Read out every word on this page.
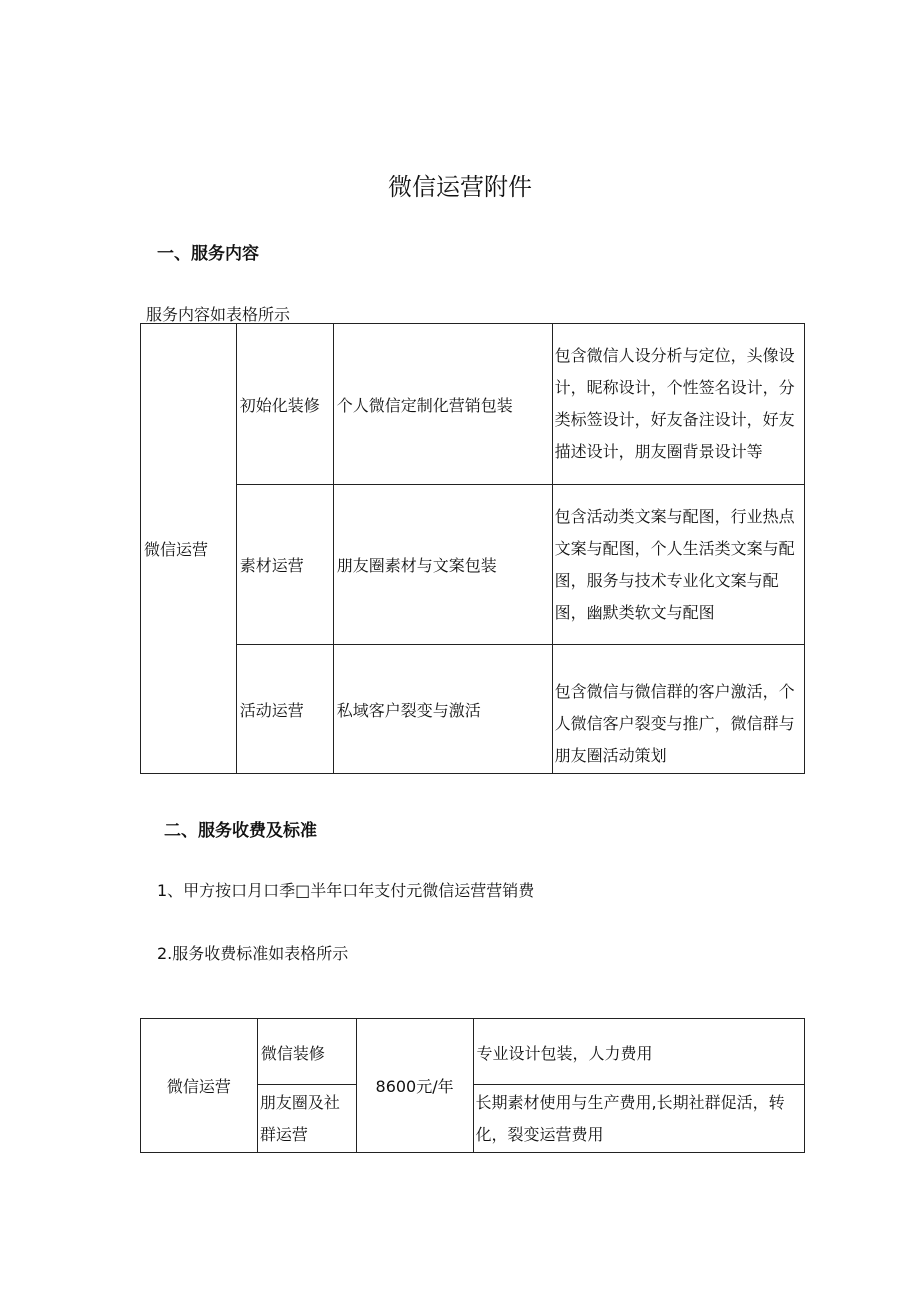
微信运营附件
一、服务内容
服务内容如表格所示
微信运营	初始化装修	个人微信定制化营销包装	包含微信人设分析与定位，头像设计，昵称设计，个性签名设计，分类标签设计，好友备注设计，好友描述设计，朋友圈背景设计等
	素材运营	朋友圈素材与文案包装	包含活动类文案与配图，行业热点文案与配图，个人生活类文案与配图，服务与技术专业化文案与配图，幽默类软文与配图
	活动运营	私域客户裂变与激活	包含微信与微信群的客户激活，个人微信客户裂变与推广，微信群与朋友圈活动策划
二、服务收费及标准
1、甲方按口月口季□半年口年支付元微信运营营销费
2.服务收费标准如表格所示
微信运营	微信装修	8600元/年	专业设计包装，人力费用
	朋友圈及社群运营		长期素材使用与生产费用,长期社群促活，转化，裂变运营费用
